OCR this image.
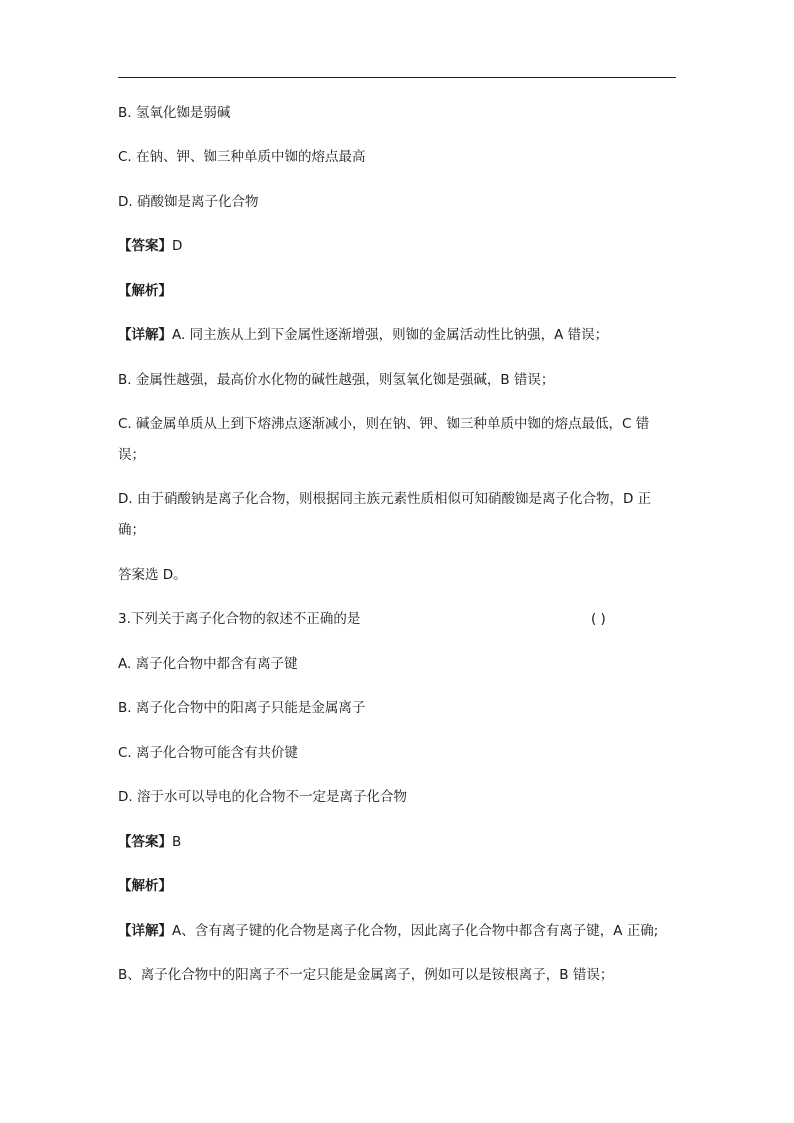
B. 氢氧化铷是弱碱
C. 在钠、钾、铷三种单质中铷的熔点最高
D. 硝酸铷是离子化合物
【答案】D
【解析】
【详解】A. 同主族从上到下金属性逐渐增强，则铷的金属活动性比钠强，A 错误；
B. 金属性越强，最高价水化物的碱性越强，则氢氧化铷是强碱，B 错误；
C. 碱金属单质从上到下熔沸点逐渐减小，则在钠、钾、铷三种单质中铷的熔点最低，C 错
误；
D. 由于硝酸钠是离子化合物，则根据同主族元素性质相似可知硝酸铷是离子化合物，D 正
确；
答案选 D。
3.下列关于离子化合物的叙述不正确的是	( )
A. 离子化合物中都含有离子键
B. 离子化合物中的阳离子只能是金属离子
C. 离子化合物可能含有共价键
D. 溶于水可以导电的化合物不一定是离子化合物
【答案】B
【解析】
【详解】A、含有离子键的化合物是离子化合物，因此离子化合物中都含有离子键，A 正确;
B、离子化合物中的阳离子不一定只能是金属离子，例如可以是铵根离子，B 错误；
